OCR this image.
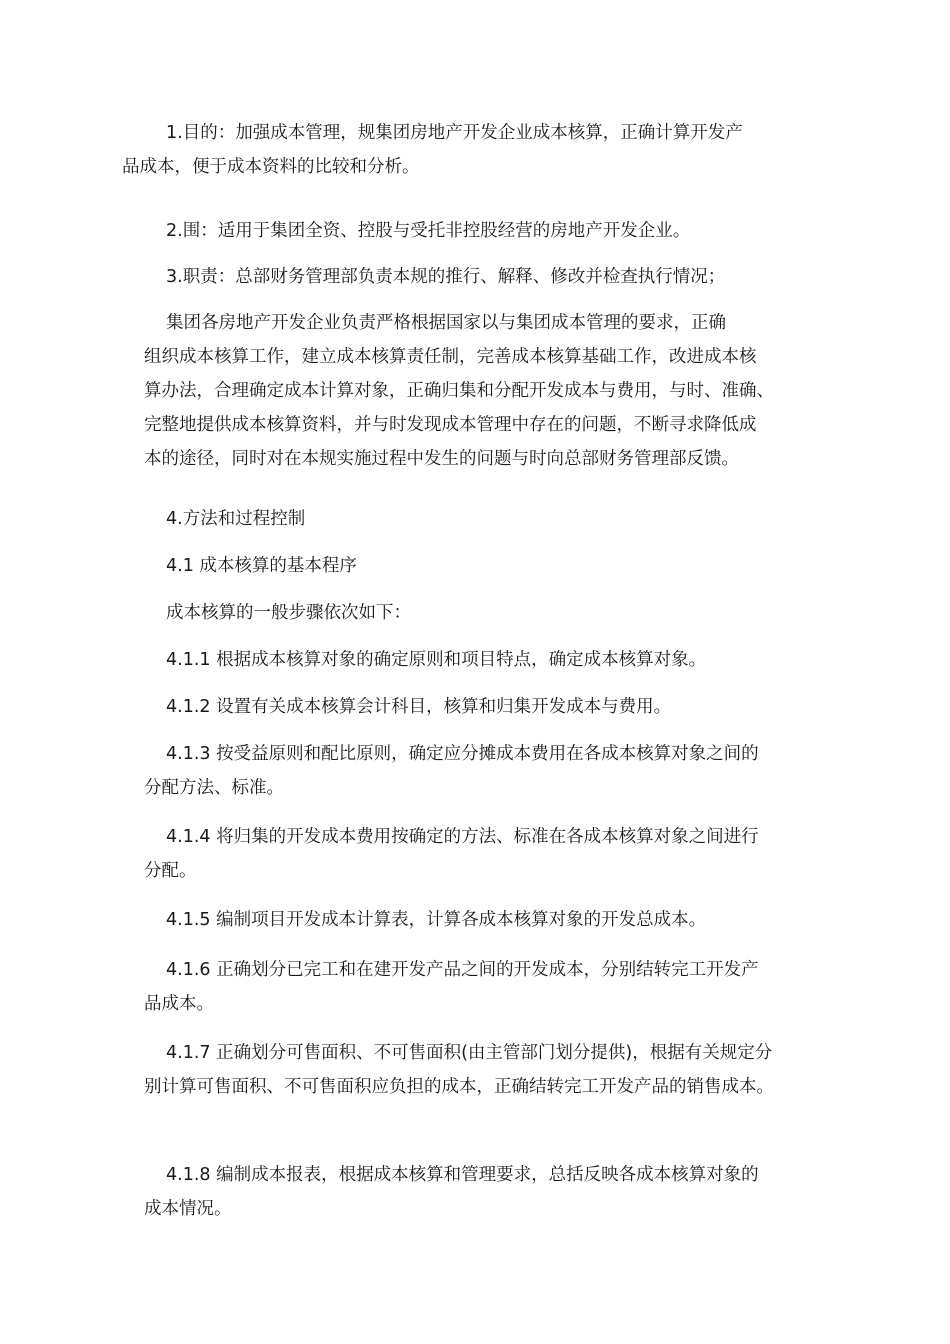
1.目的：加强成本管理，规集团房地产开发企业成本核算，正确计算开发产
品成本，便于成本资料的比较和分析。

2.围：适用于集团全资、控股与受托非控股经营的房地产开发企业。

3.职责：总部财务管理部负责本规的推行、解释、修改并检查执行情况；

集团各房地产开发企业负责严格根据国家以与集团成本管理的要求，正确
组织成本核算工作，建立成本核算责任制，完善成本核算基础工作，改进成本核
算办法，合理确定成本计算对象，正确归集和分配开发成本与费用，与时、准确、
完整地提供成本核算资料，并与时发现成本管理中存在的问题，不断寻求降低成
本的途径，同时对在本规实施过程中发生的问题与时向总部财务管理部反馈。

4.方法和过程控制

4.1 成本核算的基本程序

成本核算的一般步骤依次如下：

4.1.1 根据成本核算对象的确定原则和项目特点，确定成本核算对象。

4.1.2 设置有关成本核算会计科目，核算和归集开发成本与费用。

4.1.3 按受益原则和配比原则，确定应分摊成本费用在各成本核算对象之间的
分配方法、标准。

4.1.4 将归集的开发成本费用按确定的方法、标准在各成本核算对象之间进行
分配。

4.1.5 编制项目开发成本计算表，计算各成本核算对象的开发总成本。

4.1.6 正确划分已完工和在建开发产品之间的开发成本，分别结转完工开发产
品成本。

4.1.7 正确划分可售面积、不可售面积(由主管部门划分提供)，根据有关规定分
别计算可售面积、不可售面积应负担的成本，正确结转完工开发产品的销售成本。

4.1.8 编制成本报表，根据成本核算和管理要求，总括反映各成本核算对象的
成本情况。
